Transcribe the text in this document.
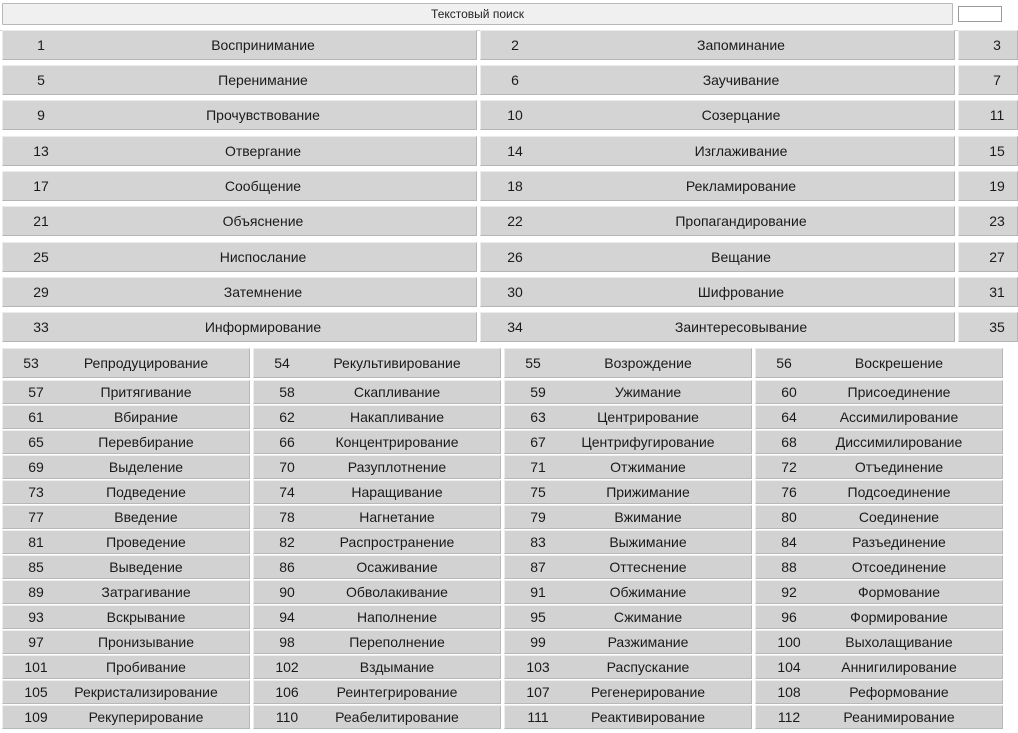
Текстовый поиск
1	Воспринимание	2	Запоминание	3
5	Перенимание	6	Заучивание	7
9	Прочувствование	10	Созерцание	11
13	Отвергание	14	Изглаживание	15
17	Сообщение	18	Рекламирование	19
21	Объяснение	22	Пропагандирование	23
25	Ниспослание	26	Вещание	27
29	Затемнение	30	Шифрование	31
33	Информирование	34	Заинтересовывание	35
53	Репродуцирование	54	Рекультивирование	55	Возрождение	56	Воскрешение
57	Притягивание	58	Скапливание	59	Ужимание	60	Присоединение
61	Вбирание	62	Накапливание	63	Центрирование	64	Ассимилирование
65	Перевбирание	66	Концентрирование	67	Центрифугирование	68	Диссимилирование
69	Выделение	70	Разуплотнение	71	Отжимание	72	Отъединение
73	Подведение	74	Наращивание	75	Прижимание	76	Подсоединение
77	Введение	78	Нагнетание	79	Вжимание	80	Соединение
81	Проведение	82	Распространение	83	Выжимание	84	Разъединение
85	Выведение	86	Осаживание	87	Оттеснение	88	Отсоединение
89	Затрагивание	90	Обволакивание	91	Обжимание	92	Формование
93	Вскрывание	94	Наполнение	95	Сжимание	96	Формирование
97	Пронизывание	98	Переполнение	99	Разжимание	100	Выхолащивание
101	Пробивание	102	Вздымание	103	Распускание	104	Аннигилирование
105	Рекристализирование	106	Реинтегрирование	107	Регенерирование	108	Реформование
109	Рекуперирование	110	Реабелитирование	111	Реактивирование	112	Реанимирование
